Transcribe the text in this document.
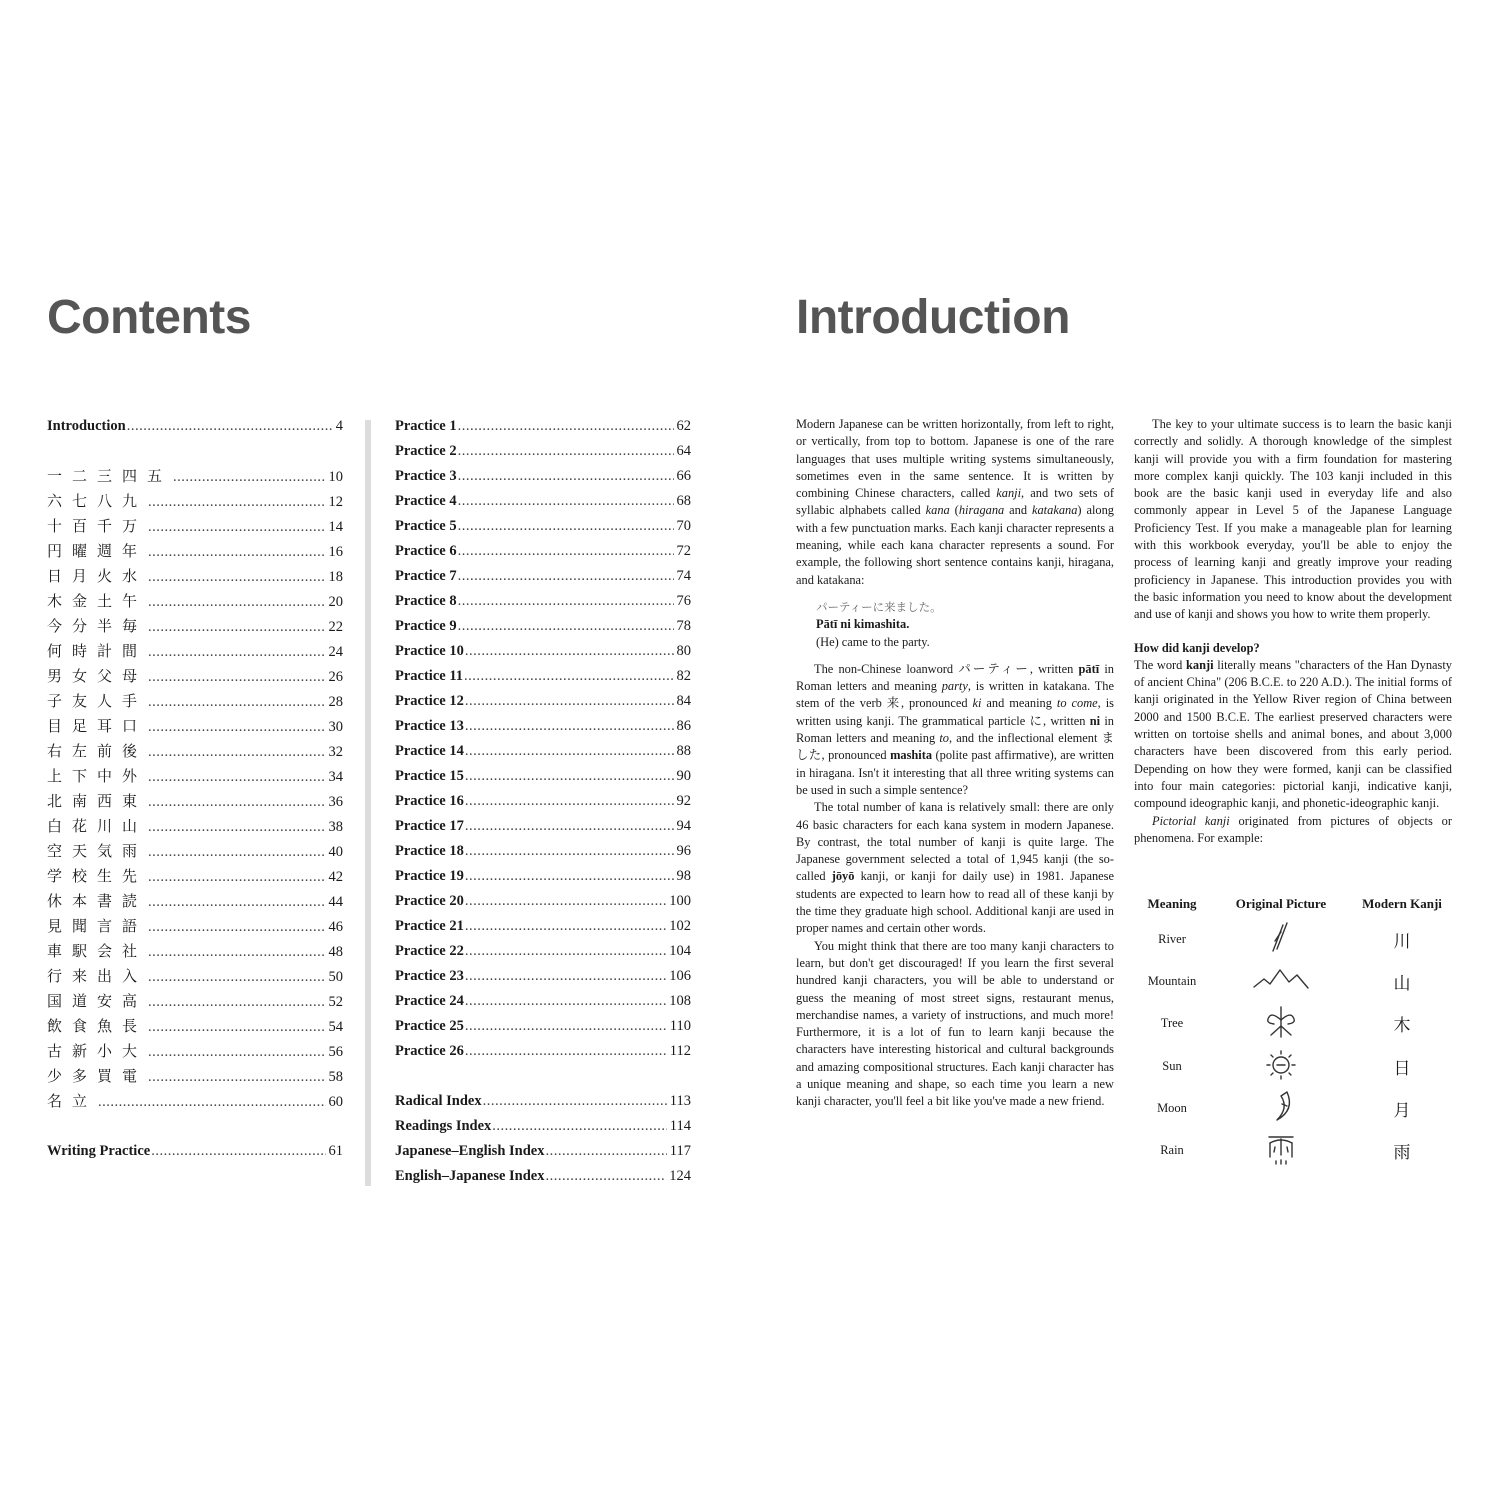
Contents	Introduction
Introduction .....	4
一二三四五 .....	10
六七八九 .....	12
十百千万 .....	14
円曜週年 .....	16
日月火水 .....	18
木金土午 .....	20
今分半毎 .....	22
何時計間 .....	24
男女父母 .....	26
子友人手 .....	28
目足耳口 .....	30
右左前後 .....	32
上下中外 .....	34
北南西東 .....	36
白花川山 .....	38
空天気雨 .....	40
学校生先 .....	42
休本書読 .....	44
見聞言語 .....	46
車駅会社 .....	48
行来出入 .....	50
国道安高 .....	52
飲食魚長 .....	54
古新小大 .....	56
少多買電 .....	58
名立 .....	60
Writing Practice .....	61
Practice 1 .....	62
Practice 2 .....	64
Practice 3 .....	66
Practice 4 .....	68
Practice 5 .....	70
Practice 6 .....	72
Practice 7 .....	74
Practice 8 .....	76
Practice 9 .....	78
Practice 10 .....	80
Practice 11 .....	82
Practice 12 .....	84
Practice 13 .....	86
Practice 14 .....	88
Practice 15 .....	90
Practice 16 .....	92
Practice 17 .....	94
Practice 18 .....	96
Practice 19 .....	98
Practice 20 .....	100
Practice 21 .....	102
Practice 22 .....	104
Practice 23 .....	106
Practice 24 .....	108
Practice 25 .....	110
Practice 26 .....	112
Radical Index .....	113
Readings Index .....	114
Japanese–English Index .....	117
English–Japanese Index .....	124

Modern Japanese can be written horizontally, from left to right, or vertically, from top to bottom. Japanese is one of the rare languages that uses multiple writing systems simultaneously, sometimes even in the same sentence. It is written by combining Chinese characters, called kanji, and two sets of syllabic alphabets called kana (hiragana and katakana) along with a few punctuation marks. Each kanji character represents a meaning, while each kana character represents a sound. For example, the following short sentence contains kanji, hiragana, and katakana:

パーティーに来ました。
Pātī ni kimashita.
(He) came to the party.

The non-Chinese loanword パーティー, written pātī in Roman letters and meaning party, is written in katakana. The stem of the verb 来, pronounced ki and meaning to come, is written using kanji. The grammatical particle に, written ni in Roman letters and meaning to, and the inflectional element ました, pronounced mashita (polite past affirmative), are written in hiragana. Isn't it interesting that all three writing systems can be used in such a simple sentence?

The total number of kana is relatively small: there are only 46 basic characters for each kana system in modern Japanese. By contrast, the total number of kanji is quite large. The Japanese government selected a total of 1,945 kanji (the so-called jōyō kanji, or kanji for daily use) in 1981. Japanese students are expected to learn how to read all of these kanji by the time they graduate high school. Additional kanji are used in proper names and certain other words.

You might think that there are too many kanji characters to learn, but don't get discouraged! If you learn the first several hundred kanji characters, you will be able to understand or guess the meaning of most street signs, restaurant menus, merchandise names, a variety of instructions, and much more! Furthermore, it is a lot of fun to learn kanji because the characters have interesting historical and cultural backgrounds and amazing compositional structures. Each kanji character has a unique meaning and shape, so each time you learn a new kanji character, you'll feel a bit like you've made a new friend.

The key to your ultimate success is to learn the basic kanji correctly and solidly. A thorough knowledge of the simplest kanji will provide you with a firm foundation for mastering more complex kanji quickly. The 103 kanji included in this book are the basic kanji used in everyday life and also commonly appear in Level 5 of the Japanese Language Proficiency Test. If you make a manageable plan for learning with this workbook everyday, you'll be able to enjoy the process of learning kanji and greatly improve your reading proficiency in Japanese. This introduction provides you with the basic information you need to know about the development and use of kanji and shows you how to write them properly.

How did kanji develop?

The word kanji literally means "characters of the Han Dynasty of ancient China" (206 B.C.E. to 220 A.D.). The initial forms of kanji originated in the Yellow River region of China between 2000 and 1500 B.C.E. The earliest preserved characters were written on tortoise shells and animal bones, and about 3,000 characters have been discovered from this early period. Depending on how they were formed, kanji can be classified into four main categories: pictorial kanji, indicative kanji, compound ideographic kanji, and phonetic-ideographic kanji.

Pictorial kanji originated from pictures of objects or phenomena. For example:

Meaning	Original Picture	Modern Kanji
River	川
Mountain	山
Tree	木
Sun	日
Moon	月
Rain	雨
